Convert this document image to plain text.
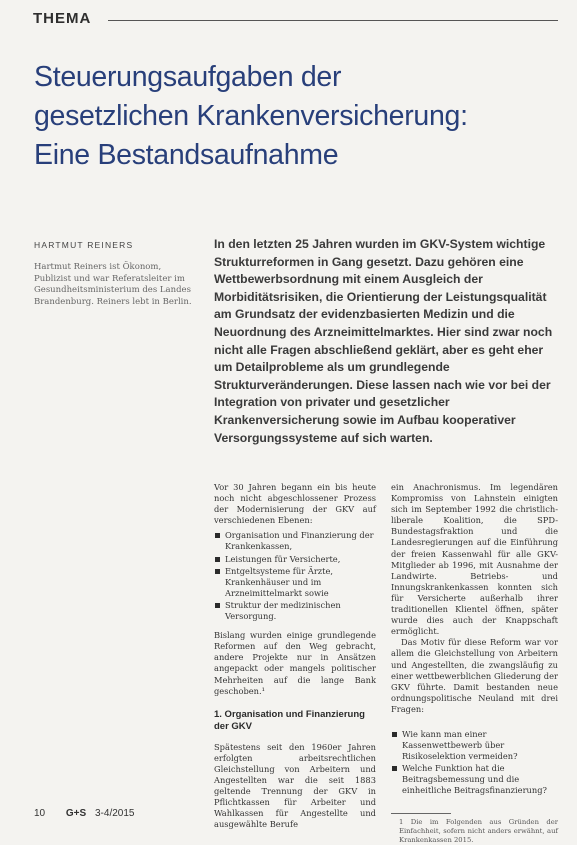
THEMA
Steuerungsaufgaben der
gesetzlichen Krankenversicherung:
Eine Bestandsaufnahme
HARTMUT REINERS

Hartmut Reiners ist Ökonom, Publizist und war Referatsleiter im Gesundheitsministerium des Landes Brandenburg. Reiners lebt in Berlin.

In den letzten 25 Jahren wurden im GKV-System wichtige Strukturreformen in Gang gesetzt. Dazu gehören eine Wettbewerbsordnung mit einem Ausgleich der Morbiditätsrisiken, die Orientierung der Leistungsqualität am Grundsatz der evidenzbasierten Medizin und die Neuordnung des Arzneimittelmarktes. Hier sind zwar noch nicht alle Fragen abschließend geklärt, aber es geht eher um Detailprobleme als um grundlegende Strukturveränderungen. Diese lassen nach wie vor bei der Integration von privater und gesetzlicher Krankenversicherung sowie im Aufbau kooperativer Versorgungssysteme auf sich warten.

Vor 30 Jahren begann ein bis heute noch nicht abgeschlossener Prozess der Modernisierung der GKV auf verschiedenen Ebenen:

Organisation und Finanzierung der Krankenkassen,
Leistungen für Versicherte,
Entgeltsysteme für Ärzte, Krankenhäuser und im Arzneimittelmarkt sowie
Struktur der medizinischen Versorgung.

Bislang wurden einige grundlegende Reformen auf den Weg gebracht, andere Projekte nur in Ansätzen angepackt oder mangels politischer Mehrheiten auf die lange Bank geschoben.¹

1. Organisation und Finanzierung der GKV

Spätestens seit den 1960er Jahren erfolgten arbeitsrechtlichen Gleichstellung von Arbeitern und Angestellten war die seit 1883 geltende Trennung der GKV in Pflichtkassen für Arbeiter und Wahlkassen für Angestellte und ausgewählte Berufe

ein Anachronismus. Im legendären Kompromiss von Lahnstein einigten sich im September 1992 die christlich-liberale Koalition, die SPD-Bundestagsfraktion und die Landesregierungen auf die Einführung der freien Kassenwahl für alle GKV-Mitglieder ab 1996, mit Ausnahme der Landwirte. Betriebs- und Innungskrankenkassen konnten sich für Versicherte außerhalb ihrer traditionellen Klientel öffnen, später wurde dies auch der Knappschaft ermöglicht.

Das Motiv für diese Reform war vor allem die Gleichstellung von Arbeitern und Angestellten, die zwangsläufig zu einer wettbewerblichen Gliederung der GKV führte. Damit bestanden neue ordnungspolitische Neuland mit drei Fragen:

Wie kann man einer Kassenwettbewerb über Risikoselektion vermeiden?
Welche Funktion hat die Beitragsbemessung und die einheitliche Beitragsfinanzierung?

1 Die im Folgenden aus Gründen der Einfachheit, sofern nicht anders erwähnt, auf Krankenkassen 2015.

10 G+S 3-4/2015
